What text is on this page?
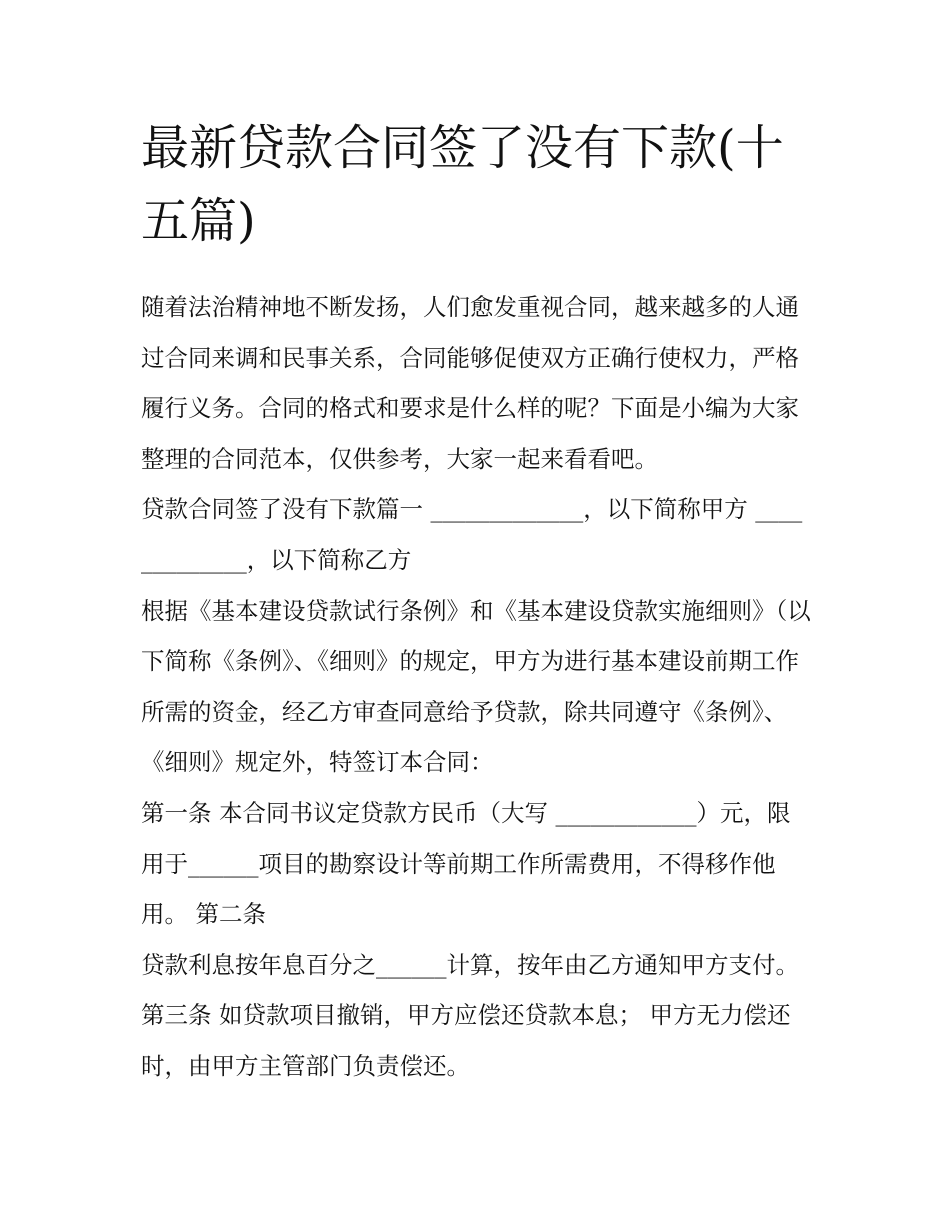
最新贷款合同签了没有下款(十五篇)

随着法治精神地不断发扬，人们愈发重视合同，越来越多的人通过合同来调和民事关系，合同能够促使双方正确行使权力，严格履行义务。合同的格式和要求是什么样的呢？下面是小编为大家整理的合同范本，仅供参考，大家一起来看看吧。

贷款合同签了没有下款篇一 _____________，以下简称甲方 _____________，以下简称乙方

根据《基本建设贷款试行条例》和《基本建设贷款实施细则》（以下简称《条例》、《细则》的规定，甲方为进行基本建设前期工作所需的资金，经乙方审查同意给予贷款，除共同遵守《条例》、《细则》规定外，特签订本合同：

第一条 本合同书议定贷款方民币（大写 ____________）元，限用于______项目的勘察设计等前期工作所需费用，不得移作他用。 第二条

贷款利息按年息百分之______计算，按年由乙方通知甲方支付。 第三条 如贷款项目撤销，甲方应偿还贷款本息； 甲方无力偿还时，由甲方主管部门负责偿还。
